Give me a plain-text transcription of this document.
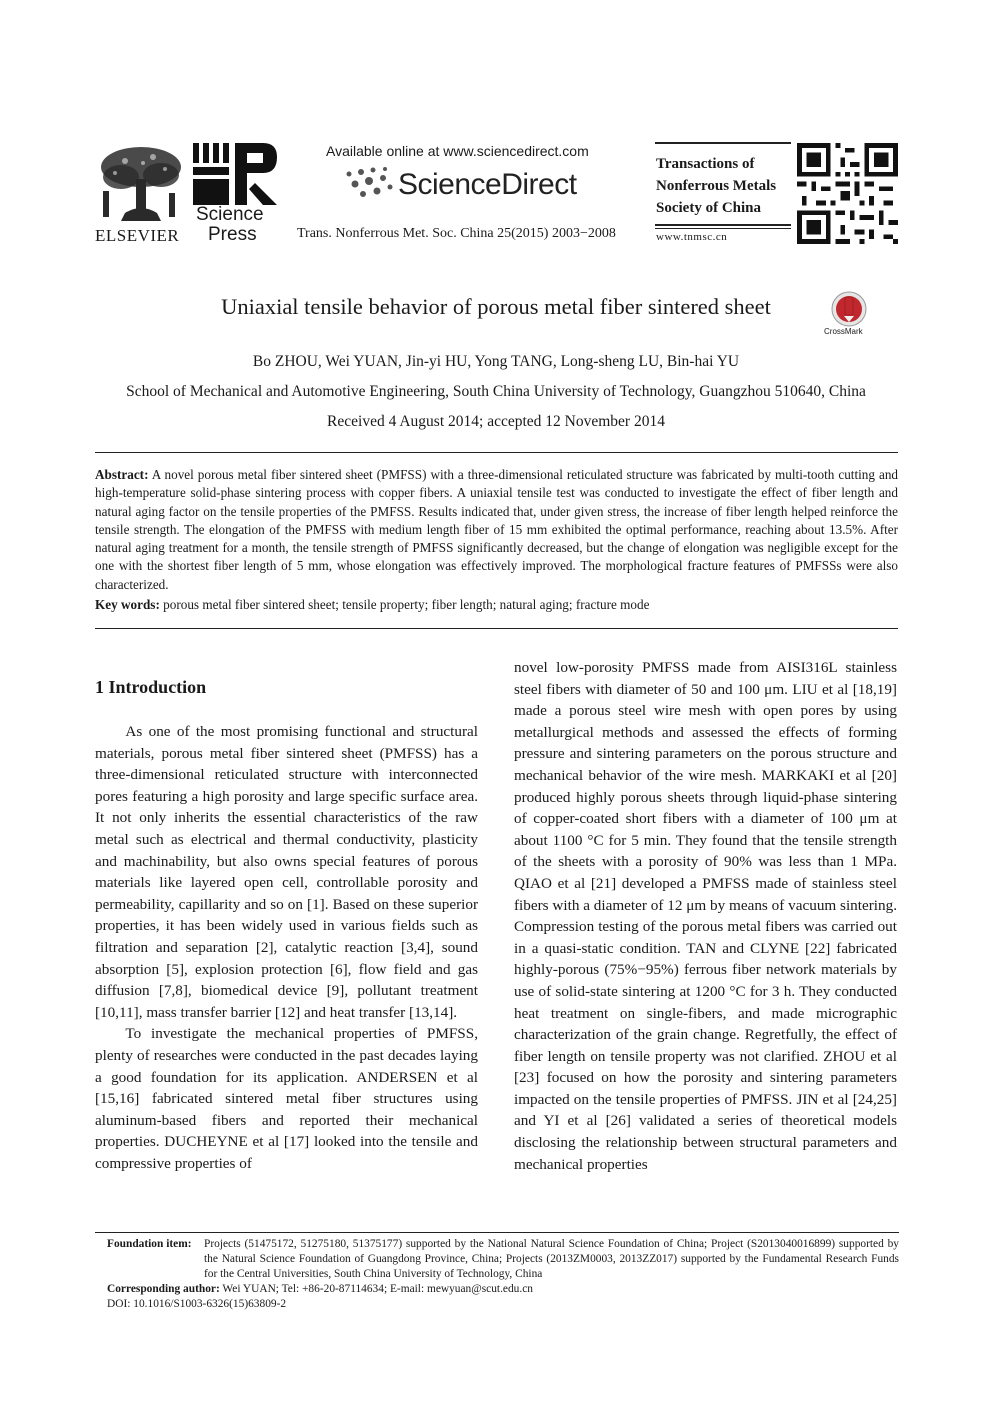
ELSEVIER
Science
Press
Available online at www.sciencedirect.com
ScienceDirect
Trans. Nonferrous Met. Soc. China 25(2015) 2003−2008
Transactions of
Nonferrous Metals
Society of China
www.tnmsc.cn
Uniaxial tensile behavior of porous metal fiber sintered sheet
CrossMark
Bo ZHOU, Wei YUAN, Jin-yi HU, Yong TANG, Long-sheng LU, Bin-hai YU
School of Mechanical and Automotive Engineering, South China University of Technology, Guangzhou 510640, China
Received 4 August 2014; accepted 12 November 2014
Abstract: A novel porous metal fiber sintered sheet (PMFSS) with a three-dimensional reticulated structure was fabricated by multi-tooth cutting and high-temperature solid-phase sintering process with copper fibers. A uniaxial tensile test was conducted to investigate the effect of fiber length and natural aging factor on the tensile properties of the PMFSS. Results indicated that, under given stress, the increase of fiber length helped reinforce the tensile strength. The elongation of the PMFSS with medium length fiber of 15 mm exhibited the optimal performance, reaching about 13.5%. After natural aging treatment for a month, the tensile strength of PMFSS significantly decreased, but the change of elongation was negligible except for the one with the shortest fiber length of 5 mm, whose elongation was effectively improved. The morphological fracture features of PMFSSs were also characterized.
Key words: porous metal fiber sintered sheet; tensile property; fiber length; natural aging; fracture mode
1 Introduction

As one of the most promising functional and structural materials, porous metal fiber sintered sheet (PMFSS) has a three-dimensional reticulated structure with interconnected pores featuring a high porosity and large specific surface area. It not only inherits the essential characteristics of the raw metal such as electrical and thermal conductivity, plasticity and machinability, but also owns special features of porous materials like layered open cell, controllable porosity and permeability, capillarity and so on [1]. Based on these superior properties, it has been widely used in various fields such as filtration and separation [2], catalytic reaction [3,4], sound absorption [5], explosion protection [6], flow field and gas diffusion [7,8], biomedical device [9], pollutant treatment [10,11], mass transfer barrier [12] and heat transfer [13,14].

To investigate the mechanical properties of PMFSS, plenty of researches were conducted in the past decades laying a good foundation for its application. ANDERSEN et al [15,16] fabricated sintered metal fiber structures using aluminum-based fibers and reported their mechanical properties. DUCHEYNE et al [17] looked into the tensile and compressive properties of

novel low-porosity PMFSS made from AISI316L stainless steel fibers with diameter of 50 and 100 μm. LIU et al [18,19] made a porous steel wire mesh with open pores by using metallurgical methods and assessed the effects of forming pressure and sintering parameters on the porous structure and mechanical behavior of the wire mesh. MARKAKI et al [20] produced highly porous sheets through liquid-phase sintering of copper-coated short fibers with a diameter of 100 μm at about 1100 °C for 5 min. They found that the tensile strength of the sheets with a porosity of 90% was less than 1 MPa. QIAO et al [21] developed a PMFSS made of stainless steel fibers with a diameter of 12 μm by means of vacuum sintering. Compression testing of the porous metal fibers was carried out in a quasi-static condition. TAN and CLYNE [22] fabricated highly-porous (75%−95%) ferrous fiber network materials by use of solid-state sintering at 1200 °C for 3 h. They conducted heat treatment on single-fibers, and made micrographic characterization of the grain change. Regretfully, the effect of fiber length on tensile property was not clarified. ZHOU et al [23] focused on how the porosity and sintering parameters impacted on the tensile properties of PMFSS. JIN et al [24,25] and YI et al [26] validated a series of theoretical models disclosing the relationship between structural parameters and mechanical properties

Foundation item:	Projects (51475172, 51275180, 51375177) supported by the National Natural Science Foundation of China; Project (S2013040016899) supported by the Natural Science Foundation of Guangdong Province, China; Projects (2013ZM0003, 2013ZZ017) supported by the Fundamental Research Funds for the Central Universities, South China University of Technology, China
Corresponding author: Wei YUAN; Tel: +86-20-87114634; E-mail: mewyuan@scut.edu.cn
DOI: 10.1016/S1003-6326(15)63809-2
